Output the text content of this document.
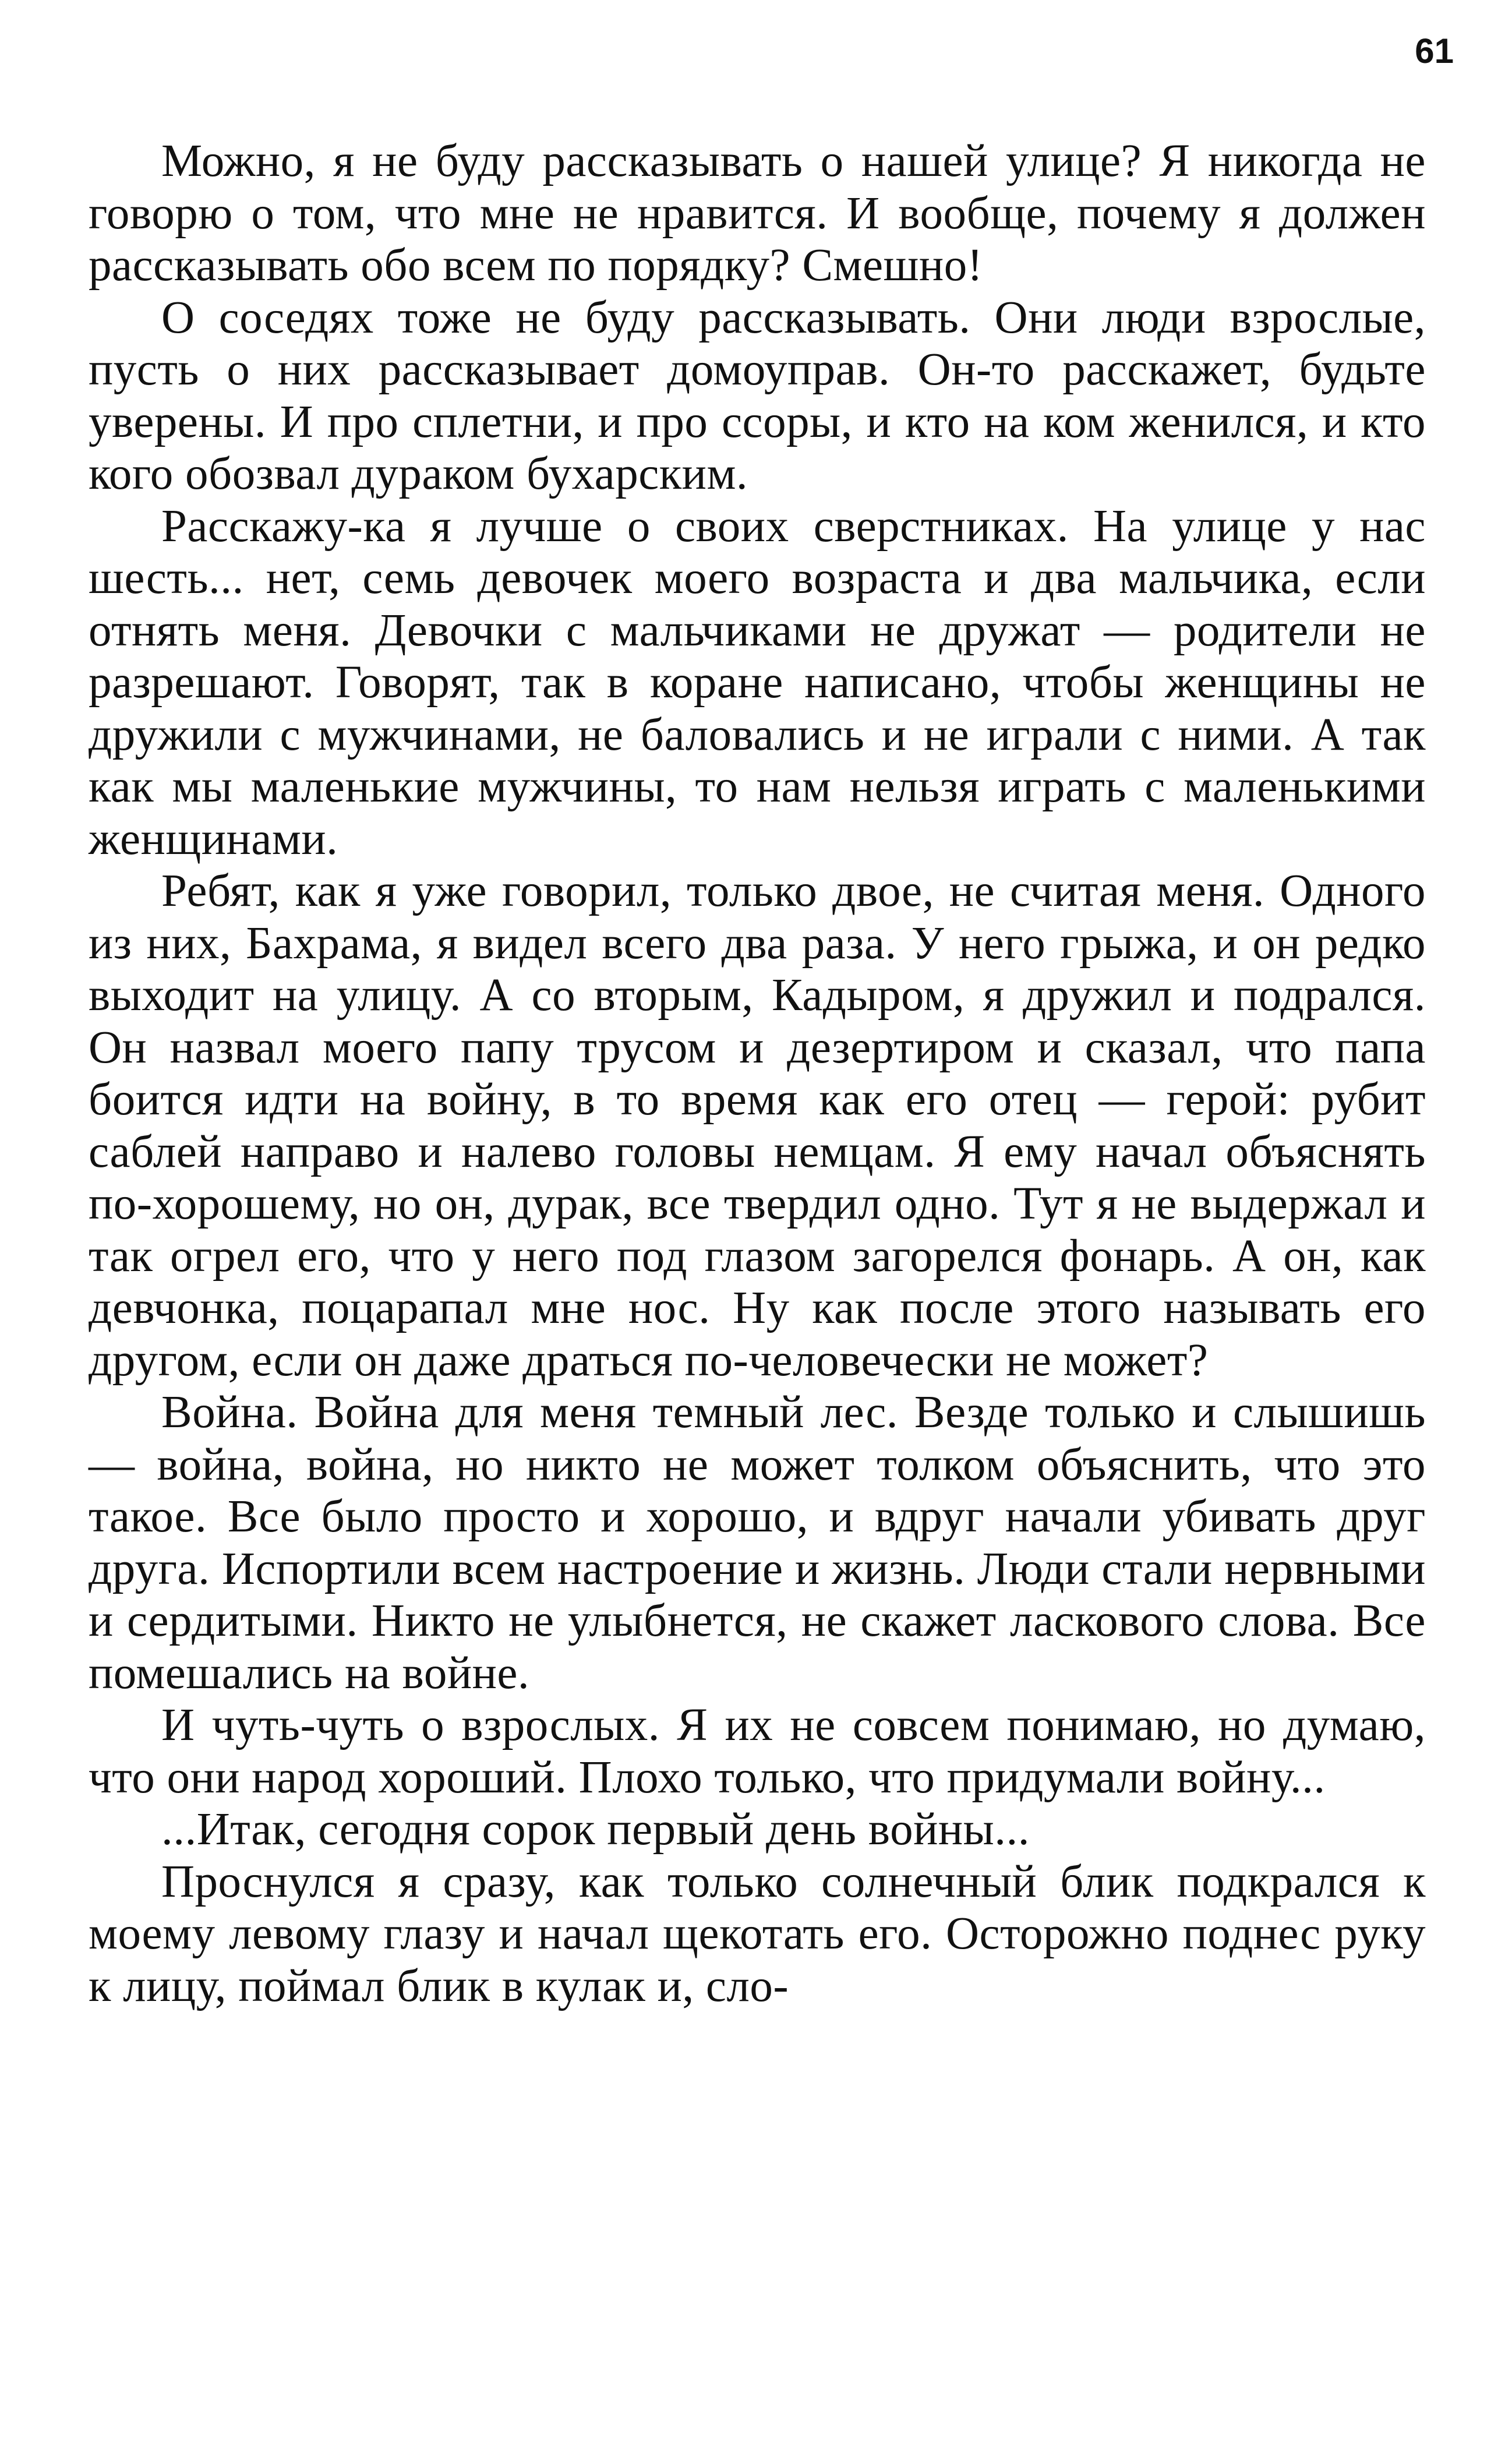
61

Можно, я не буду рассказывать о нашей улице? Я никогда не говорю о том, что мне не нравится. И вообще, почему я должен рассказывать обо всем по порядку? Смешно!

О соседях тоже не буду рассказывать. Они люди взрослые, пусть о них рассказывает домоуправ. Он-то расскажет, будьте уверены. И про сплетни, и про ссоры, и кто на ком женился, и кто кого обозвал дураком бухарским.

Расскажу-ка я лучше о своих сверстниках. На улице у нас шесть... нет, семь девочек моего возраста и два мальчика, если отнять меня. Девочки с мальчиками не дружат — родители не разрешают. Говорят, так в коране написано, чтобы женщины не дружили с мужчинами, не баловались и не играли с ними. А так как мы маленькие мужчины, то нам нельзя играть с маленькими женщинами.

Ребят, как я уже говорил, только двое, не считая меня. Одного из них, Бахрама, я видел всего два раза. У него грыжа, и он редко выходит на улицу. А со вторым, Кадыром, я дружил и подрался. Он назвал моего папу трусом и дезертиром и сказал, что папа боится идти на войну, в то время как его отец — герой: рубит саблей направо и налево головы немцам. Я ему начал объяснять по-хорошему, но он, дурак, все твердил одно. Тут я не выдержал и так огрел его, что у него под глазом загорелся фонарь. А он, как девчонка, поцарапал мне нос. Ну как после этого называть его другом, если он даже драться по-человечески не может?

Война. Война для меня темный лес. Везде только и слышишь — война, война, но никто не может толком объяснить, что это такое. Все было просто и хорошо, и вдруг начали убивать друг друга. Испортили всем настроение и жизнь. Люди стали нервными и сердитыми. Никто не улыбнется, не скажет ласкового слова. Все помешались на войне.

И чуть-чуть о взрослых. Я их не совсем понимаю, но думаю, что они народ хороший. Плохо только, что придумали войну...

...Итак, сегодня сорок первый день войны...

Проснулся я сразу, как только солнечный блик подкрался к моему левому глазу и начал щекотать его. Осторожно поднес руку к лицу, поймал блик в кулак и, сло-
